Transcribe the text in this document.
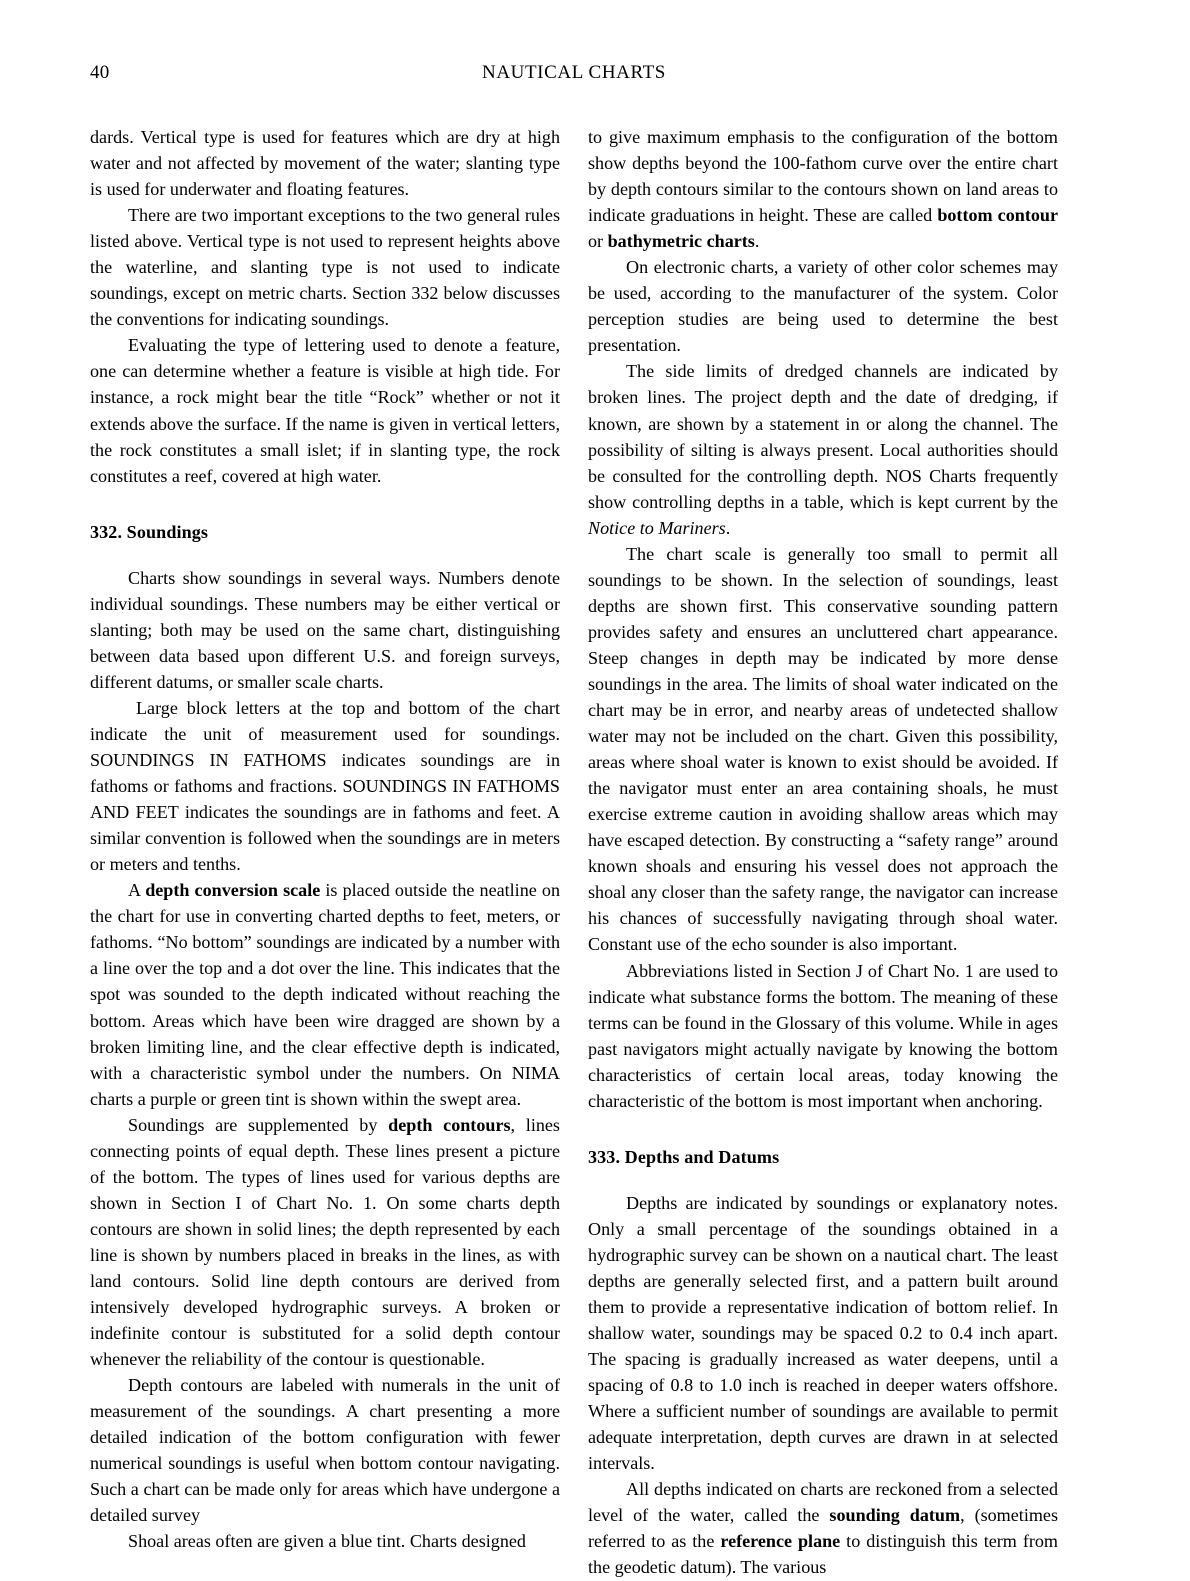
40	NAUTICAL CHARTS

dards. Vertical type is used for features which are dry at high water and not affected by movement of the water; slanting type is used for underwater and floating features.

There are two important exceptions to the two general rules listed above. Vertical type is not used to represent heights above the waterline, and slanting type is not used to indicate soundings, except on metric charts. Section 332 below discusses the conventions for indicating soundings.

Evaluating the type of lettering used to denote a feature, one can determine whether a feature is visible at high tide. For instance, a rock might bear the title “Rock” whether or not it extends above the surface. If the name is given in vertical letters, the rock constitutes a small islet; if in slanting type, the rock constitutes a reef, covered at high water.

332. Soundings

Charts show soundings in several ways. Numbers denote individual soundings. These numbers may be either vertical or slanting; both may be used on the same chart, distinguishing between data based upon different U.S. and foreign surveys, different datums, or smaller scale charts.

Large block letters at the top and bottom of the chart indicate the unit of measurement used for soundings. SOUNDINGS IN FATHOMS indicates soundings are in fathoms or fathoms and fractions. SOUNDINGS IN FATHOMS AND FEET indicates the soundings are in fathoms and feet. A similar convention is followed when the soundings are in meters or meters and tenths.

A depth conversion scale is placed outside the neatline on the chart for use in converting charted depths to feet, meters, or fathoms. “No bottom” soundings are indicated by a number with a line over the top and a dot over the line. This indicates that the spot was sounded to the depth indicated without reaching the bottom. Areas which have been wire dragged are shown by a broken limiting line, and the clear effective depth is indicated, with a characteristic symbol under the numbers. On NIMA charts a purple or green tint is shown within the swept area.

Soundings are supplemented by depth contours, lines connecting points of equal depth. These lines present a picture of the bottom. The types of lines used for various depths are shown in Section I of Chart No. 1. On some charts depth contours are shown in solid lines; the depth represented by each line is shown by numbers placed in breaks in the lines, as with land contours. Solid line depth contours are derived from intensively developed hydrographic surveys. A broken or indefinite contour is substituted for a solid depth contour whenever the reliability of the contour is questionable.

Depth contours are labeled with numerals in the unit of measurement of the soundings. A chart presenting a more detailed indication of the bottom configuration with fewer numerical soundings is useful when bottom contour navigating. Such a chart can be made only for areas which have undergone a detailed survey

Shoal areas often are given a blue tint. Charts designed

to give maximum emphasis to the configuration of the bottom show depths beyond the 100-fathom curve over the entire chart by depth contours similar to the contours shown on land areas to indicate graduations in height. These are called bottom contour or bathymetric charts.

On electronic charts, a variety of other color schemes may be used, according to the manufacturer of the system. Color perception studies are being used to determine the best presentation.

The side limits of dredged channels are indicated by broken lines. The project depth and the date of dredging, if known, are shown by a statement in or along the channel. The possibility of silting is always present. Local authorities should be consulted for the controlling depth. NOS Charts frequently show controlling depths in a table, which is kept current by the Notice to Mariners.

The chart scale is generally too small to permit all soundings to be shown. In the selection of soundings, least depths are shown first. This conservative sounding pattern provides safety and ensures an uncluttered chart appearance. Steep changes in depth may be indicated by more dense soundings in the area. The limits of shoal water indicated on the chart may be in error, and nearby areas of undetected shallow water may not be included on the chart. Given this possibility, areas where shoal water is known to exist should be avoided. If the navigator must enter an area containing shoals, he must exercise extreme caution in avoiding shallow areas which may have escaped detection. By constructing a “safety range” around known shoals and ensuring his vessel does not approach the shoal any closer than the safety range, the navigator can increase his chances of successfully navigating through shoal water. Constant use of the echo sounder is also important.

Abbreviations listed in Section J of Chart No. 1 are used to indicate what substance forms the bottom. The meaning of these terms can be found in the Glossary of this volume. While in ages past navigators might actually navigate by knowing the bottom characteristics of certain local areas, today knowing the characteristic of the bottom is most important when anchoring.

333. Depths and Datums

Depths are indicated by soundings or explanatory notes. Only a small percentage of the soundings obtained in a hydrographic survey can be shown on a nautical chart. The least depths are generally selected first, and a pattern built around them to provide a representative indication of bottom relief. In shallow water, soundings may be spaced 0.2 to 0.4 inch apart. The spacing is gradually increased as water deepens, until a spacing of 0.8 to 1.0 inch is reached in deeper waters offshore. Where a sufficient number of soundings are available to permit adequate interpretation, depth curves are drawn in at selected intervals.

All depths indicated on charts are reckoned from a selected level of the water, called the sounding datum, (sometimes referred to as the reference plane to distinguish this term from the geodetic datum). The various
